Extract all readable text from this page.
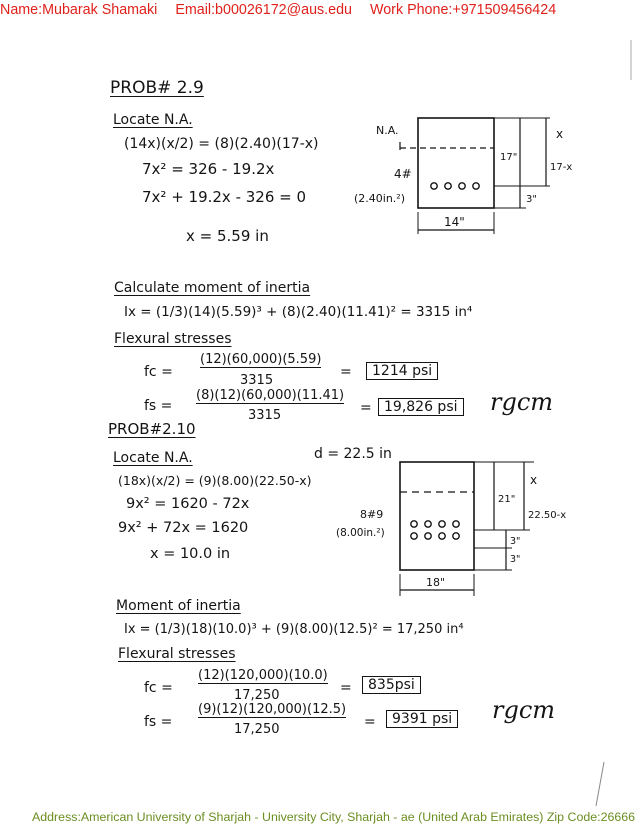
Name:Mubarak Shamaki Email:b00026172@aus.edu Work Phone:+971509456424
Address:American University of Sharjah - University City, Sharjah - ae (United Arab Emirates) Zip Code:26666
PROB# 2.9
Locate N.A.
(14x)(x/2) = (8)(2.40)(17-x)
7x² = 326 - 19.2x
7x² + 19.2x - 326 = 0
x = 5.59 in
N.A.
4#
(2.40in.²)
14"
17"
x
17-x
3"
Calculate moment of inertia
Ix = (1/3)(14)(5.59)³ + (8)(2.40)(11.41)² = 3315 in⁴
Flexural stresses
fc =
(12)(60,000)(5.59)
3315
=	1214 psi
fs =
(8)(12)(60,000)(11.41)
3315	= 19,826 psi rgcm
PROB#2.10
Locate N.A.	d = 22.5 in
(18x)(x/2) = (9)(8.00)(22.50-x)
9x² = 1620 - 72x
9x² + 72x = 1620
x = 10.0 in
8#9
(8.00in.²)
18"
21"
x
22.50-x
3"
3"
Moment of inertia
Ix = (1/3)(18)(10.0)³ + (9)(8.00)(12.5)² = 17,250 in⁴
Flexural stresses
fc =
(12)(120,000)(10.0)
17,250	=	835psi
fs =
(9)(12)(120,000)(12.5)
17,250	=	9391 psi rgcm
